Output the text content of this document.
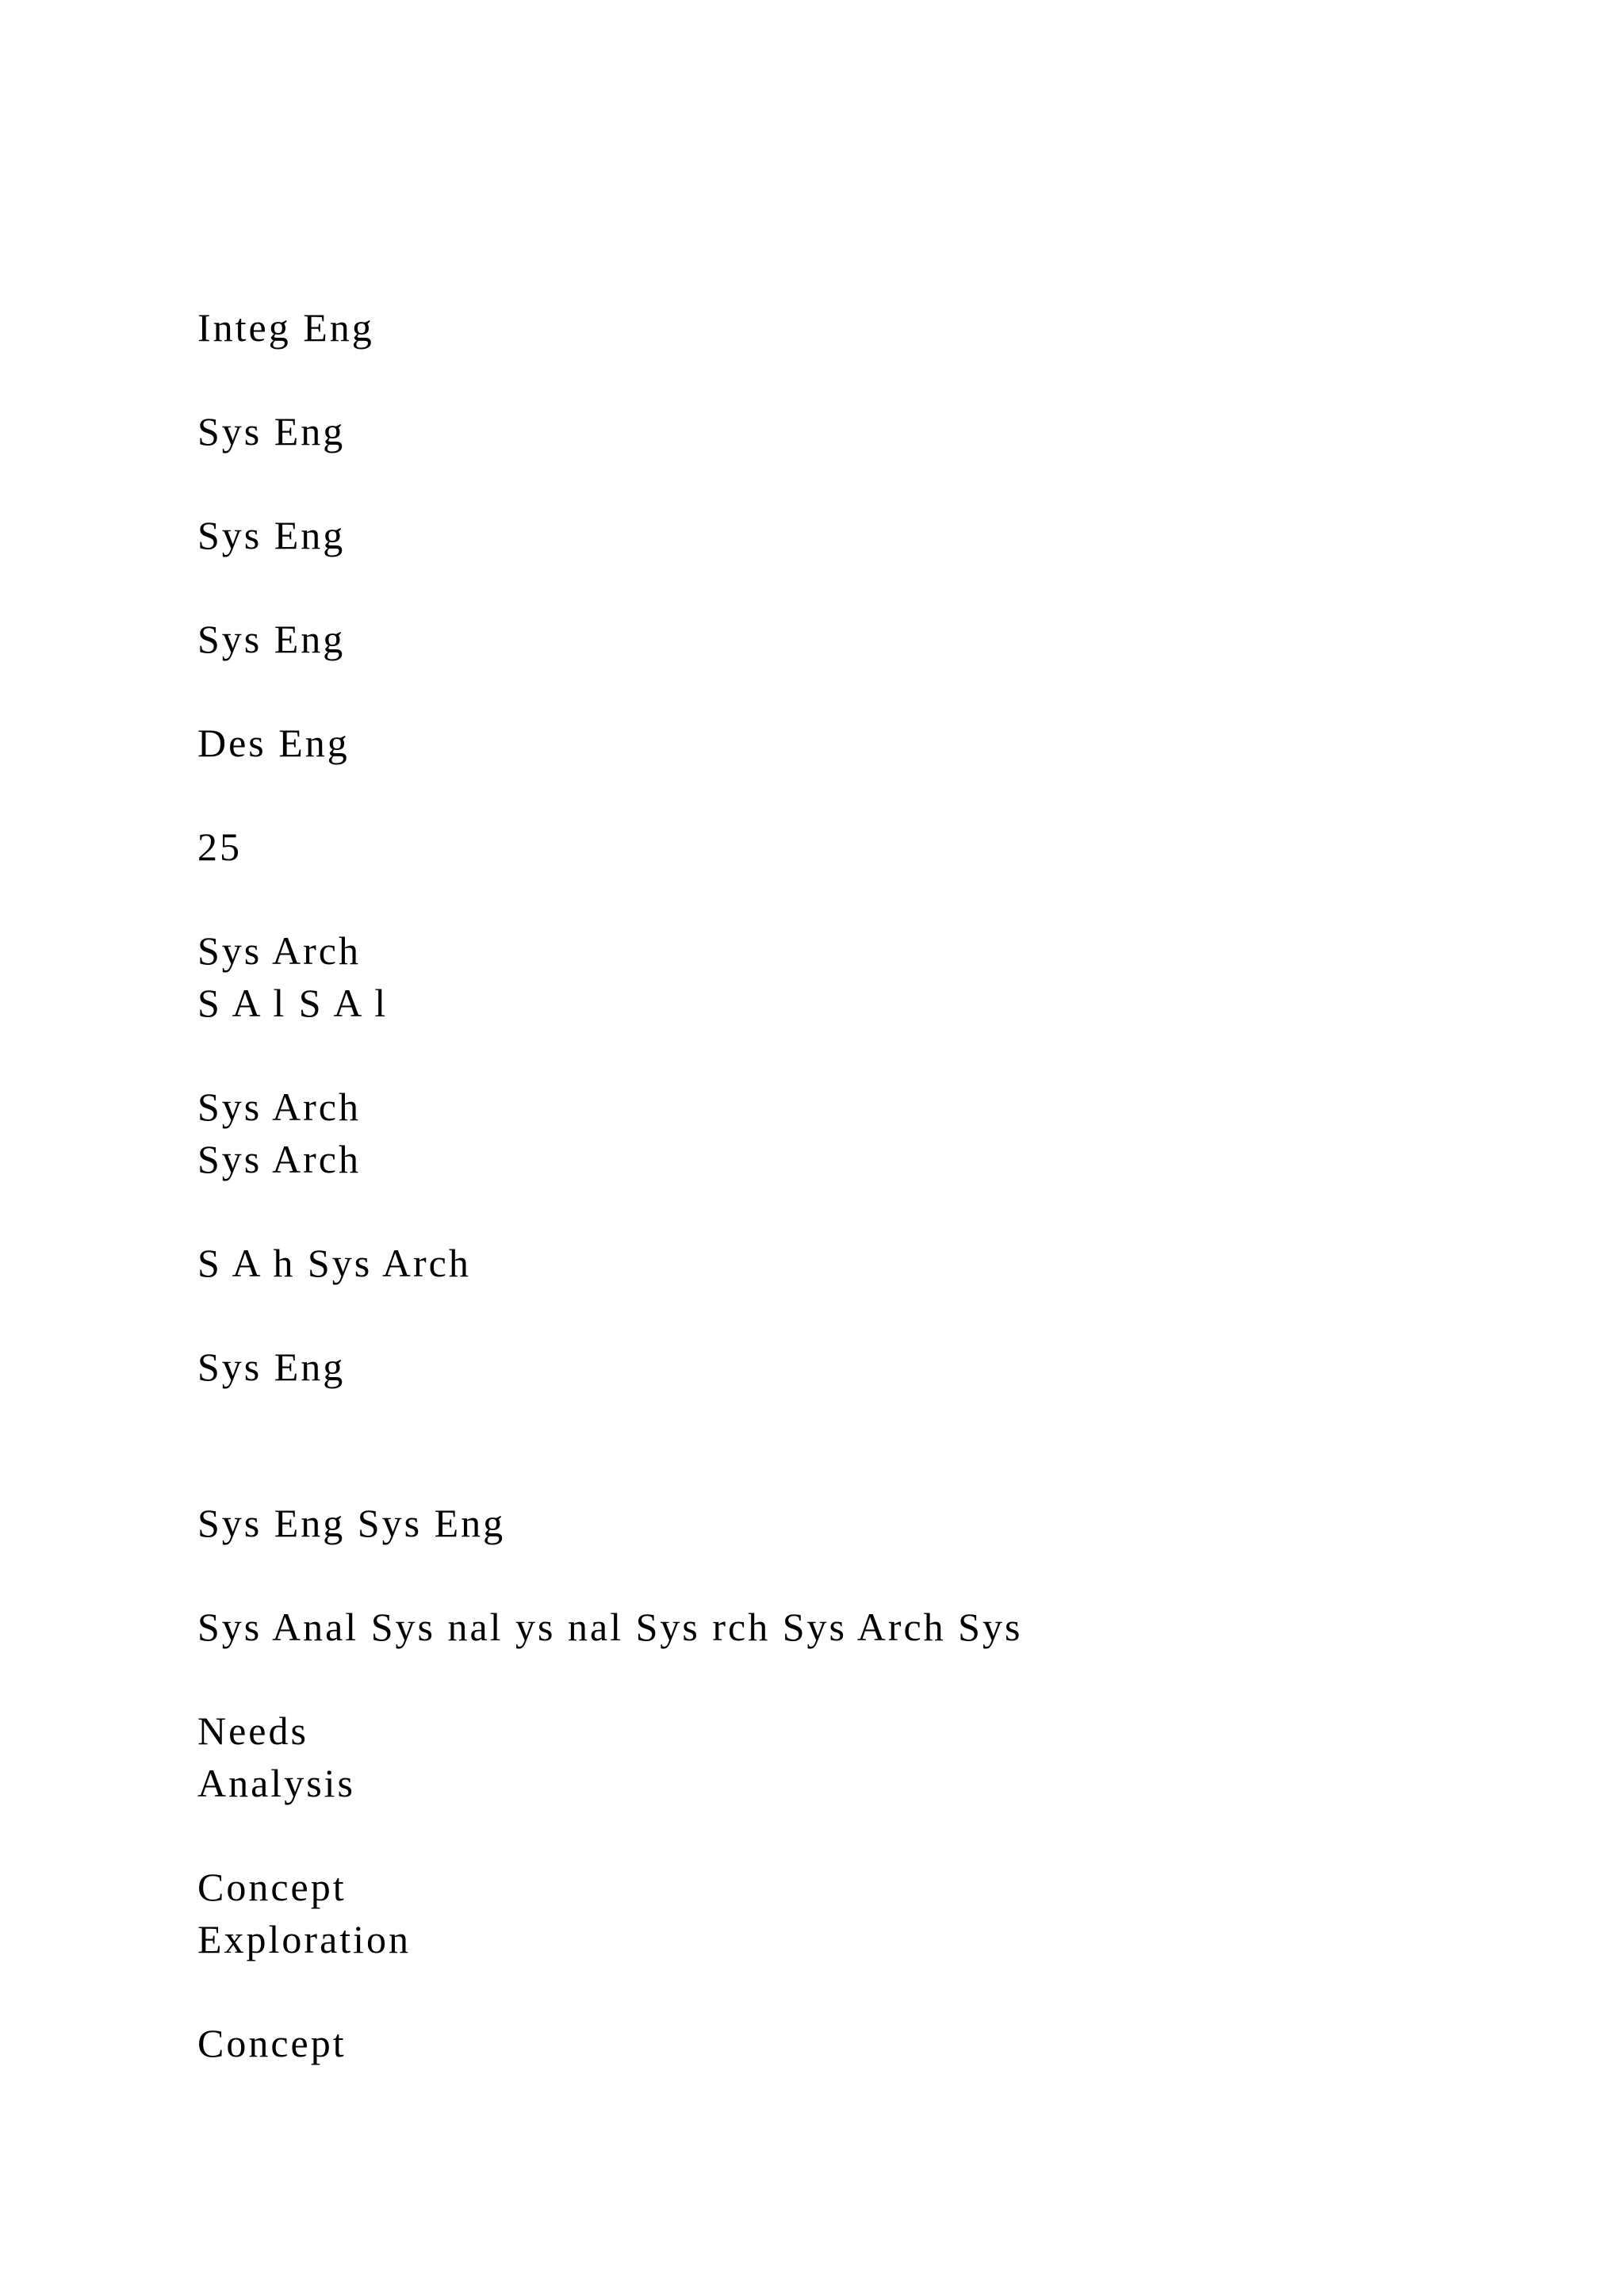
Integ Eng
Sys Eng
Sys Eng
Sys Eng
Des Eng
25
Sys Arch
S A l S A l
Sys Arch
Sys Arch
S A h Sys Arch
Sys Eng
Sys Eng Sys Eng
Sys Anal Sys nal ys nal Sys rch Sys Arch Sys
Needs
Analysis
Concept
Exploration
Concept
